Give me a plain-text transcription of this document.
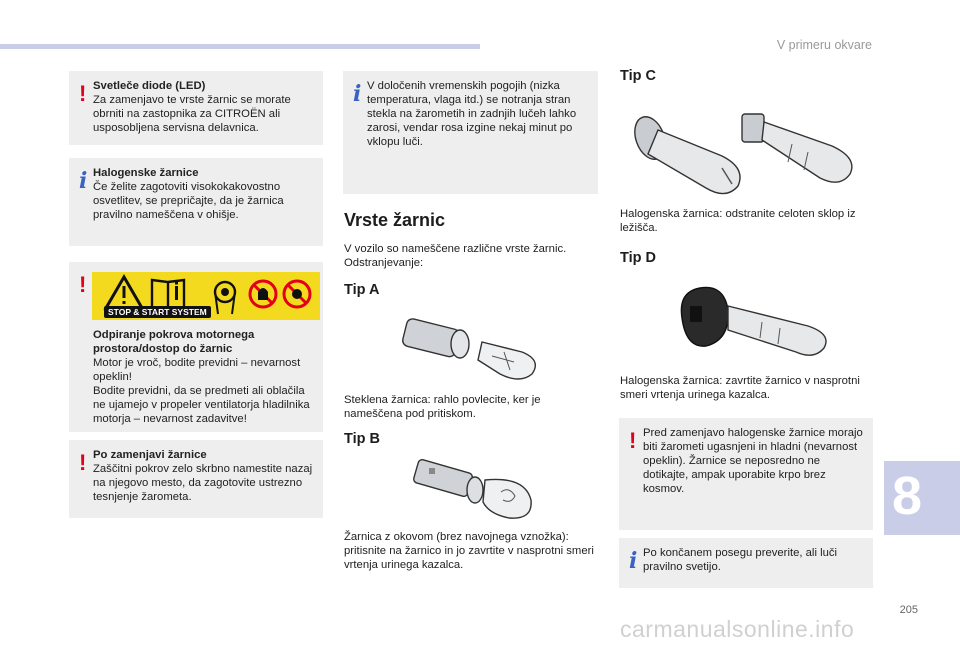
V primeru okvare
! Svetleče diode (LED)
Za zamenjavo te vrste žarnic se morate obrniti na zastopnika za CITROËN ali usposobljena servisna delavnica.
i Halogenske žarnice
Če želite zagotoviti visokokakovostno osvetlitev, se prepričajte, da je žarnica pravilno nameščena v ohišje.
!
Odpiranje pokrova motornega prostora/dostop do žarnic
Motor je vroč, bodite previdni – nevarnost opeklin!
Bodite previdni, da se predmeti ali oblačila ne ujamejo v propeler ventilatorja hladilnika motorja – nevarnost zadavitve!
STOP & START SYSTEM
! Po zamenjavi žarnice
Zaščitni pokrov zelo skrbno namestite nazaj na njegovo mesto, da zagotovite ustrezno tesnjenje žarometa.
i V določenih vremenskih pogojih (nizka temperatura, vlaga itd.) se notranja stran stekla na žarometih in zadnjih lučeh lahko zarosi, vendar rosa izgine nekaj minut po vklopu luči.
Vrste žarnic
V vozilo so nameščene različne vrste žarnic. Odstranjevanje:
Tip A
Steklena žarnica: rahlo povlecite, ker je nameščena pod pritiskom.
Tip B
Žarnica z okovom (brez navojnega vznožka): pritisnite na žarnico in jo zavrtite v nasprotni smeri vrtenja urinega kazalca.
Tip C
Halogenska žarnica: odstranite celoten sklop iz ležišča.
Tip D
Halogenska žarnica: zavrtite žarnico v nasprotni smeri vrtenja urinega kazalca.
! Pred zamenjavo halogenske žarnice morajo biti žarometi ugasnjeni in hladni (nevarnost opeklin). Žarnice se neposredno ne dotikajte, ampak uporabite krpo brez kosmov.
i Po končanem posegu preverite, ali luči pravilno svetijo.
8
205
carmanualsonline.info
